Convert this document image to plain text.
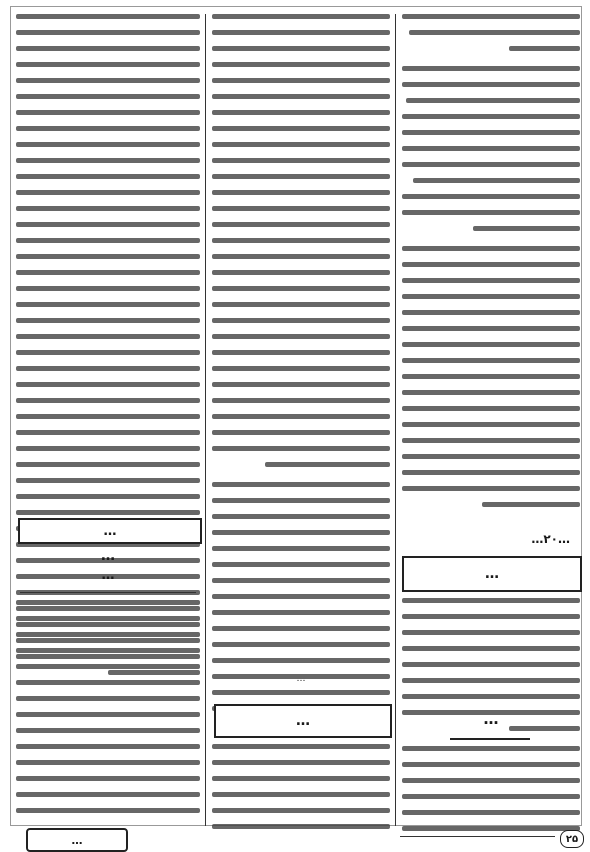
…۲۰…
…
…
…
…
…
…
…
…	۲۵
